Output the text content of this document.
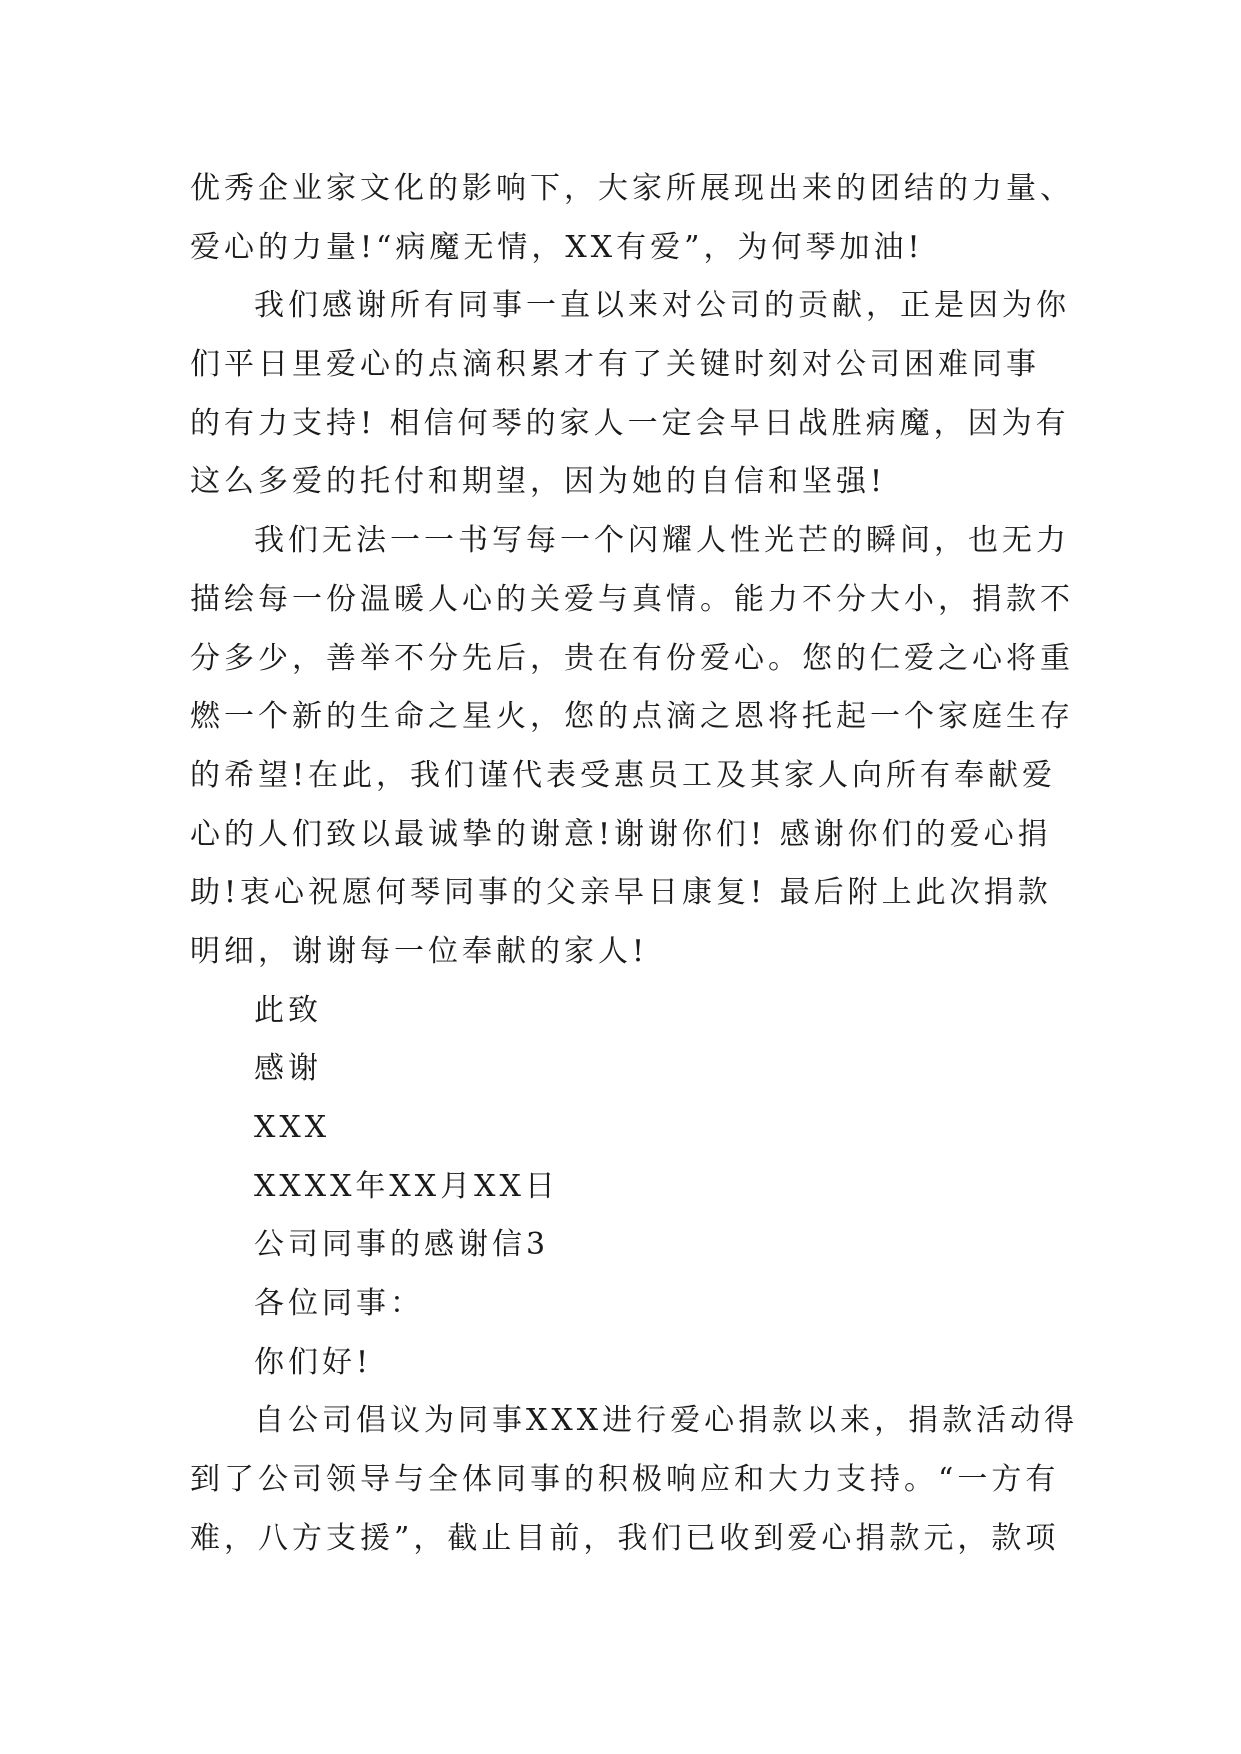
优秀企业家文化的影响下，大家所展现出来的团结的力量、
爱心的力量!“病魔无情，XX有爱”，为何琴加油!
我们感谢所有同事一直以来对公司的贡献，正是因为你
们平日里爱心的点滴积累才有了关键时刻对公司困难同事
的有力支持! 相信何琴的家人一定会早日战胜病魔，因为有
这么多爱的托付和期望，因为她的自信和坚强!
我们无法一一书写每一个闪耀人性光芒的瞬间，也无力
描绘每一份温暖人心的关爱与真情。能力不分大小，捐款不
分多少，善举不分先后，贵在有份爱心。您的仁爱之心将重
燃一个新的生命之星火，您的点滴之恩将托起一个家庭生存
的希望!在此，我们谨代表受惠员工及其家人向所有奉献爱
心的人们致以最诚挚的谢意!谢谢你们! 感谢你们的爱心捐
助!衷心祝愿何琴同事的父亲早日康复! 最后附上此次捐款
明细，谢谢每一位奉献的家人!
此致
感谢
XXX
XXXX年XX月XX日
公司同事的感谢信3
各位同事：
你们好!
自公司倡议为同事XXX进行爱心捐款以来，捐款活动得
到了公司领导与全体同事的积极响应和大力支持。“一方有
难，八方支援”，截止目前，我们已收到爱心捐款元，款项
